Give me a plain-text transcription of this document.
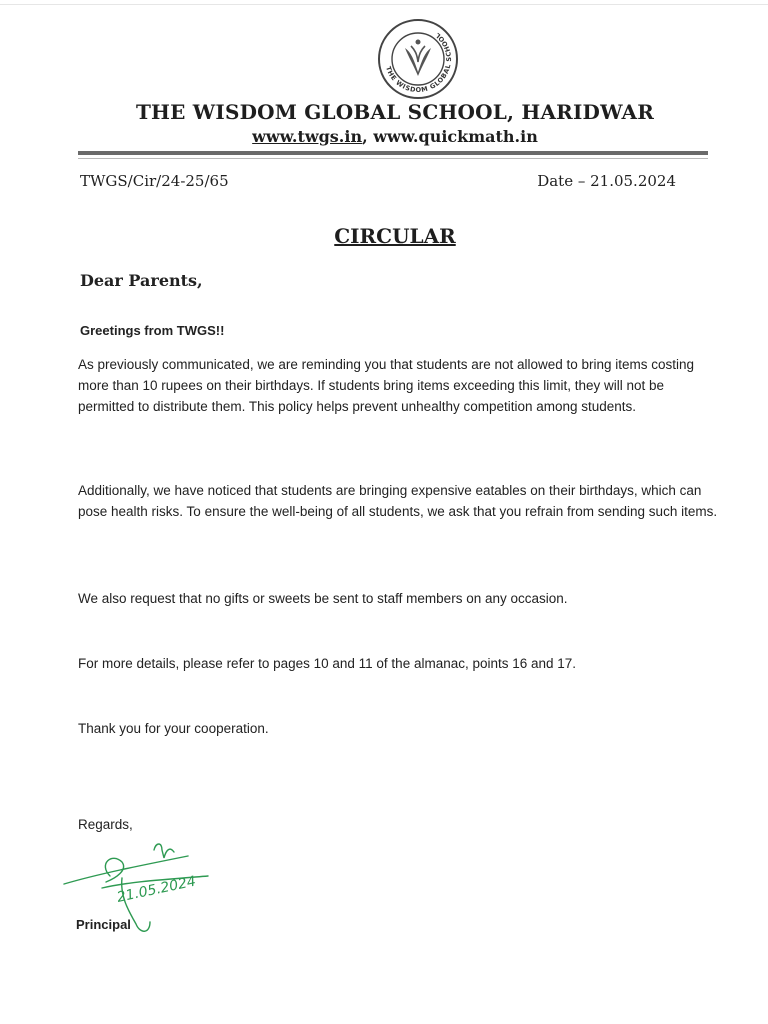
THE WISDOM GLOBAL SCHOOL
THE WISDOM GLOBAL SCHOOL, HARIDWAR
www.twgs.in, www.quickmath.in
TWGS/Cir/24-25/65	Date – 21.05.2024
CIRCULAR
Dear Parents,
Greetings from TWGS!!

As previously communicated, we are reminding you that students are not allowed to bring items costing more than 10 rupees on their birthdays. If students bring items exceeding this limit, they will not be permitted to distribute them. This policy helps prevent unhealthy competition among students.

Additionally, we have noticed that students are bringing expensive eatables on their birthdays, which can pose health risks. To ensure the well-being of all students, we ask that you refrain from sending such items.

We also request that no gifts or sweets be sent to staff members on any occasion.

For more details, please refer to pages 10 and 11 of the almanac, points 16 and 17.

Thank you for your cooperation.

Regards,
21.05.2024
Principal
